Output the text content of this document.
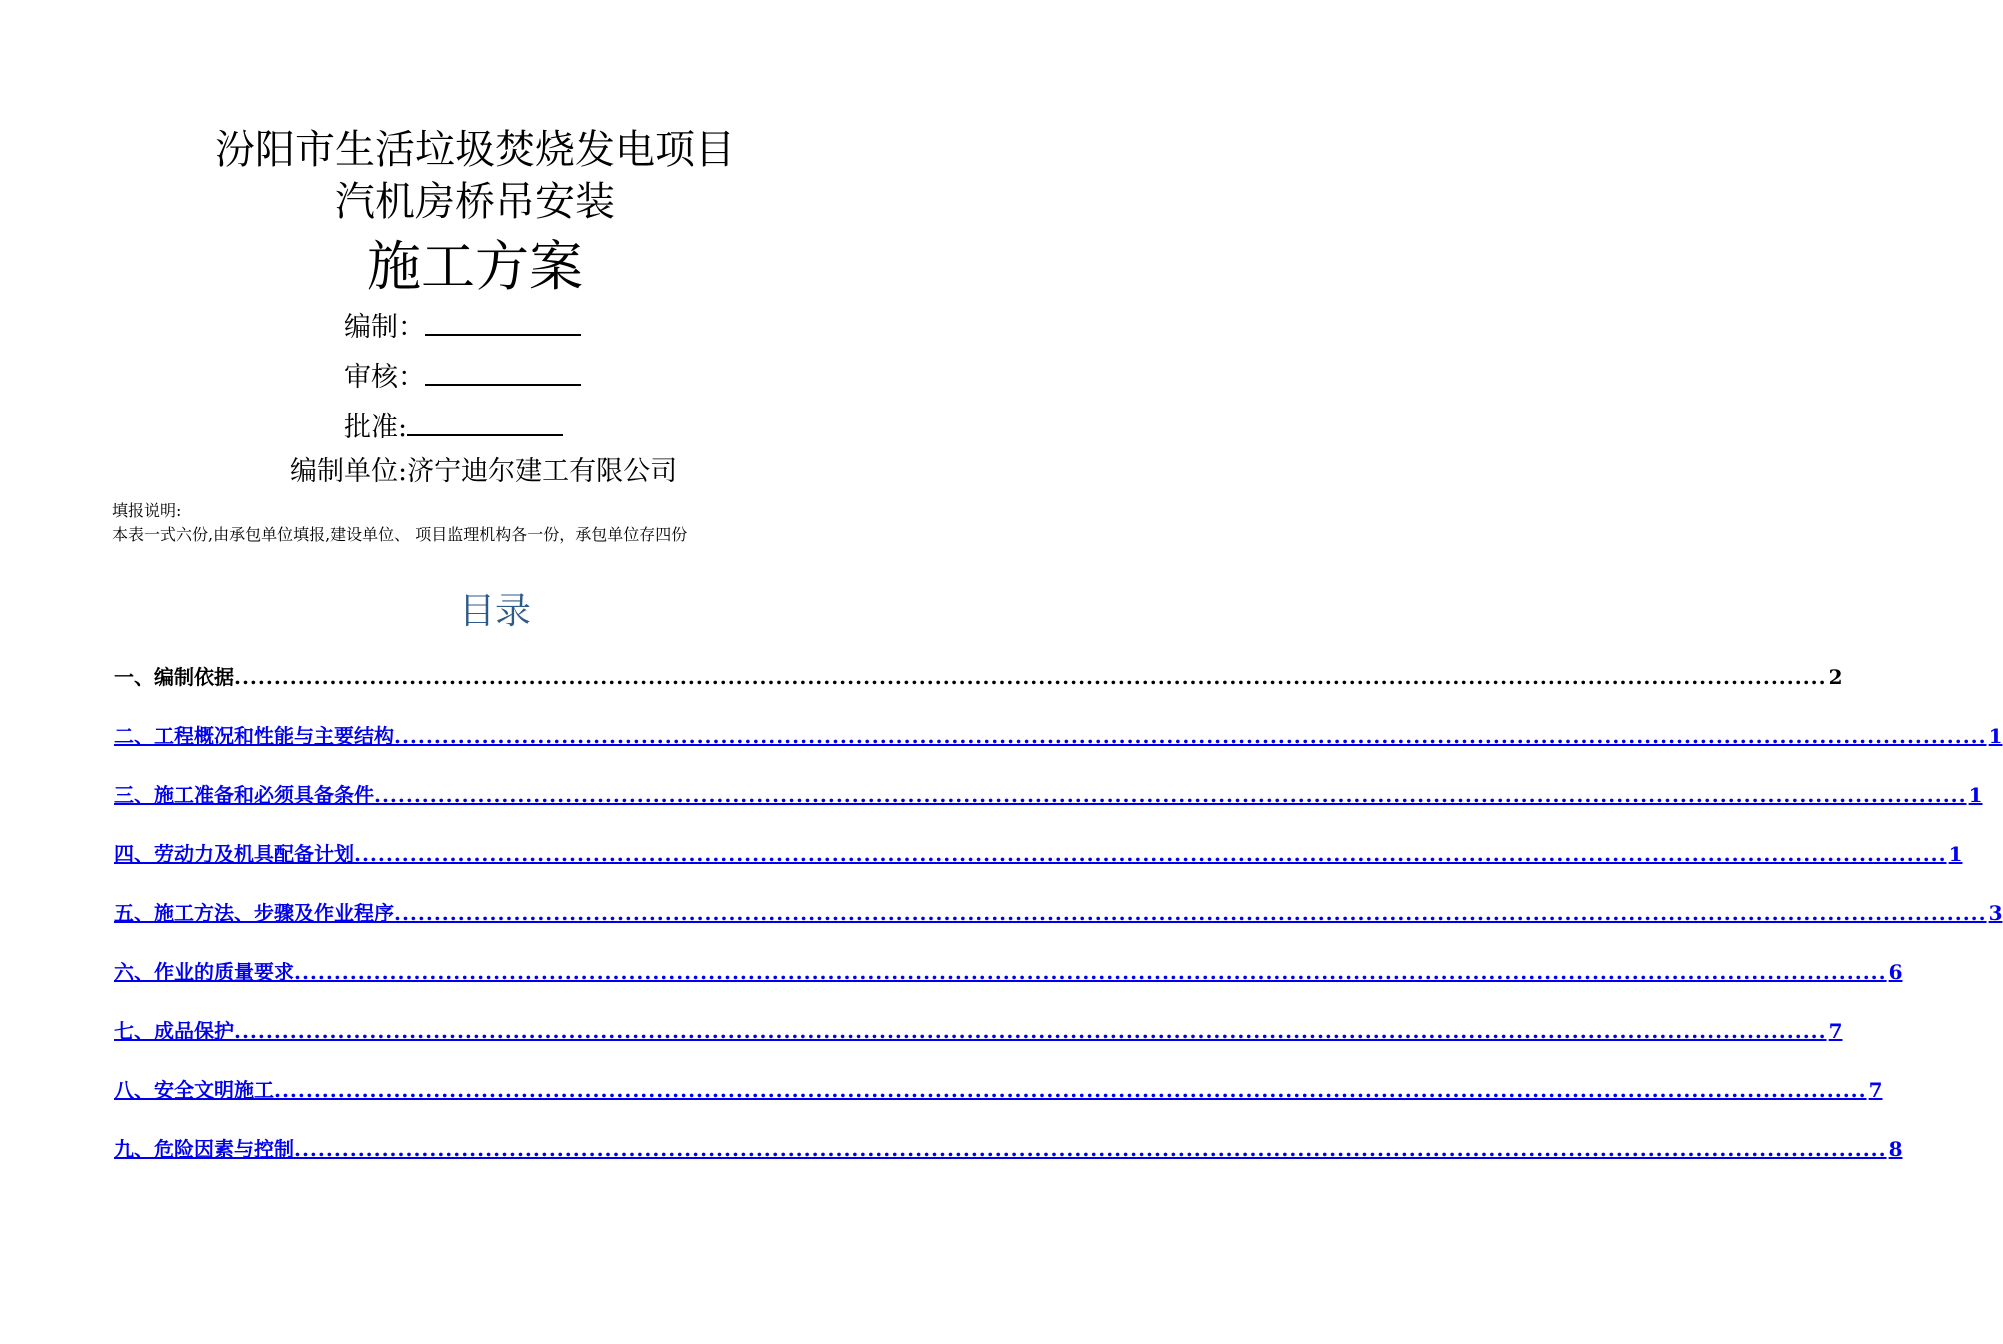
汾阳市生活垃圾焚烧发电项目
汽机房桥吊安装
施工方案
编制：
审核：
批准:
编制单位:济宁迪尔建工有限公司
填报说明:
本表一式六份,由承包单位填报,建设单位、 项目监理机构各一份，承包单位存四份
目录
一、编制依据 ........................................................................................................................................................................................................ 2
二、工程概况和性能与主要结构 ........................................................................................................................................................................................................ 1
三、施工准备和必须具备条件 ........................................................................................................................................................................................................ 1
四、劳动力及机具配备计划 ........................................................................................................................................................................................................ 1
五、施工方法、步骤及作业程序 ........................................................................................................................................................................................................ 3
六、作业的质量要求 ........................................................................................................................................................................................................ 6
七、成品保护 ........................................................................................................................................................................................................ 7
八、安全文明施工 ........................................................................................................................................................................................................ 7
九、危险因素与控制 ........................................................................................................................................................................................................ 8
